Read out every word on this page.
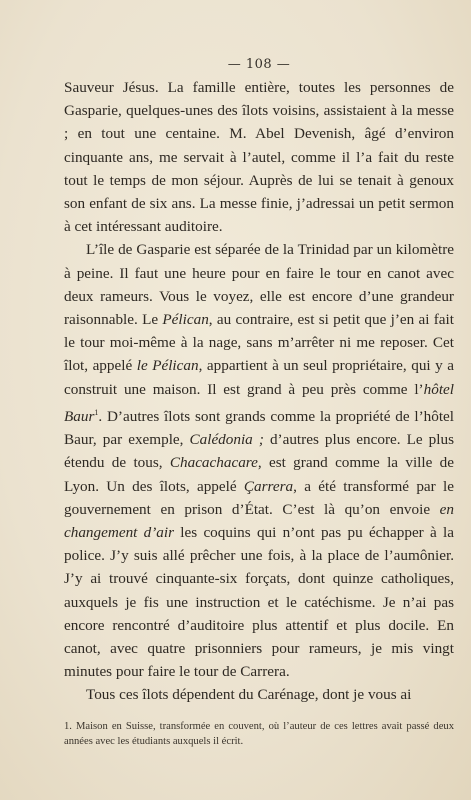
— 108 —

Sauveur Jésus. La famille entière, toutes les personnes de Gasparie, quelques-unes des îlots voisins, assistaient à la messe ; en tout une centaine. M. Abel Devenish, âgé d’environ cinquante ans, me servait à l’autel, comme il l’a fait du reste tout le temps de mon séjour. Auprès de lui se tenait à genoux son enfant de six ans. La messe finie, j’adressai un petit sermon à cet intéressant auditoire.

L’île de Gasparie est séparée de la Trinidad par un kilomètre à peine. Il faut une heure pour en faire le tour en canot avec deux rameurs. Vous le voyez, elle est encore d’une grandeur raisonnable. Le Pélican, au contraire, est si petit que j’en ai fait le tour moi-même à la nage, sans m’arrêter ni me reposer. Cet îlot, appelé le Pélican, appartient à un seul propriétaire, qui y a construit une maison. Il est grand à peu près comme l’hôtel Baur$^1$. D’autres îlots sont grands comme la propriété de l’hôtel Baur, par exemple, Calédonia ; d’autres plus encore. Le plus étendu de tous, Chacachacare, est grand comme la ville de Lyon. Un des îlots, appelé Çarrera, a été transformé par le gouvernement en prison d’État. C’est là qu’on envoie en changement d’air les coquins qui n’ont pas pu échapper à la police. J’y suis allé prêcher une fois, à la place de l’aumônier. J’y ai trouvé cinquante-six forçats, dont quinze catholiques, auxquels je fis une instruction et le catéchisme. Je n’ai pas encore rencontré d’auditoire plus attentif et plus docile. En canot, avec quatre prisonniers pour rameurs, je mis vingt minutes pour faire le tour de Carrera.

Tous ces îlots dépendent du Carénage, dont je vous ai

1. Maison en Suisse, transformée en couvent, où l’auteur de ces lettres avait passé deux années avec les étudiants auxquels il écrit.
